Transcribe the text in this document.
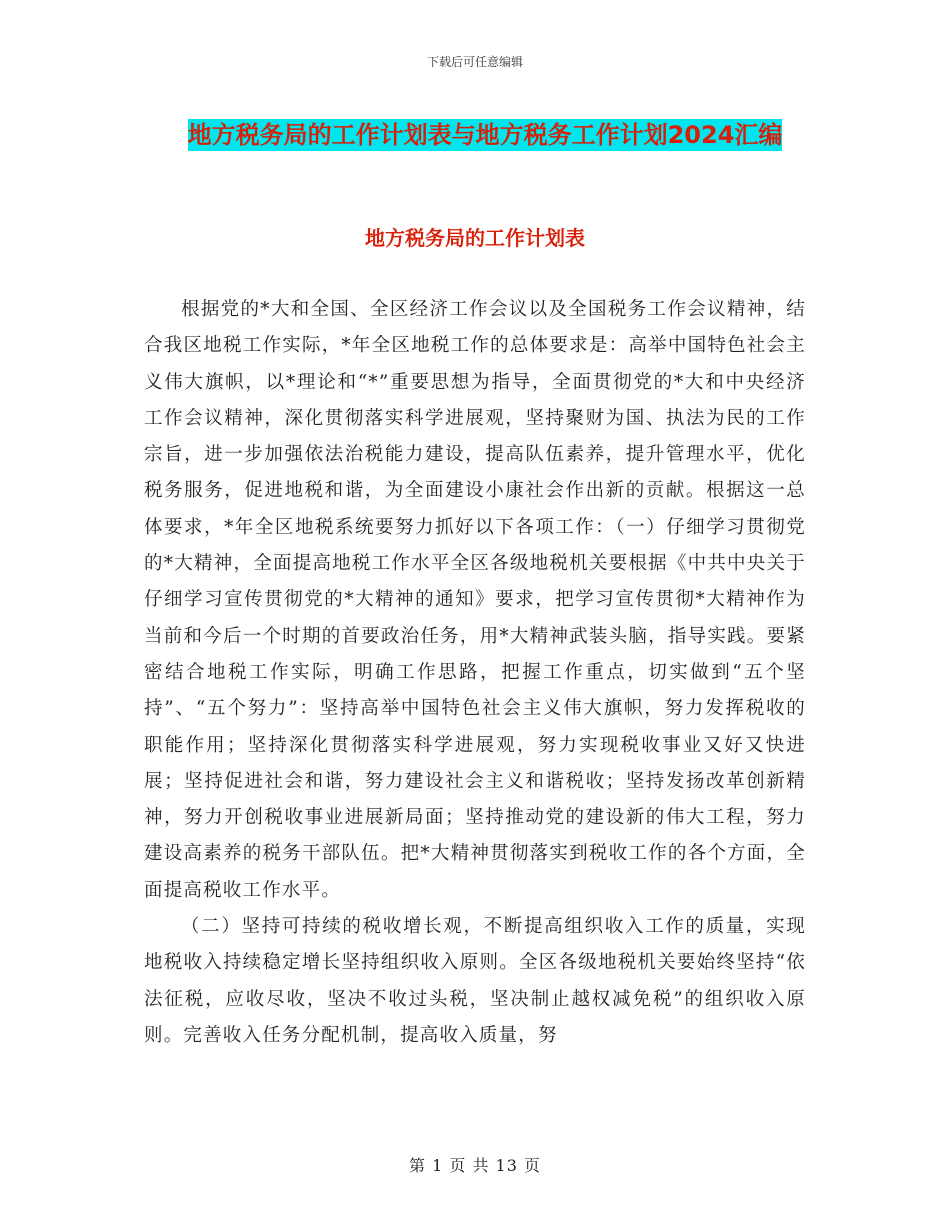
下载后可任意编辑
地方税务局的工作计划表与地方税务工作计划2024汇编
地方税务局的工作计划表

根据党的*大和全国、全区经济工作会议以及全国税务工作会议精神，结合我区地税工作实际，*年全区地税工作的总体要求是：高举中国特色社会主义伟大旗帜，以*理论和“*”重要思想为指导，全面贯彻党的*大和中央经济工作会议精神，深化贯彻落实科学进展观，坚持聚财为国、执法为民的工作宗旨，进一步加强依法治税能力建设，提高队伍素养，提升管理水平，优化税务服务，促进地税和谐，为全面建设小康社会作出新的贡献。根据这一总体要求，*年全区地税系统要努力抓好以下各项工作：（一）仔细学习贯彻党的*大精神，全面提高地税工作水平全区各级地税机关要根据《中共中央关于仔细学习宣传贯彻党的*大精神的通知》要求，把学习宣传贯彻*大精神作为当前和今后一个时期的首要政治任务，用*大精神武装头脑，指导实践。要紧密结合地税工作实际，明确工作思路，把握工作重点，切实做到“五个坚持”、“五个努力”：坚持高举中国特色社会主义伟大旗帜，努力发挥税收的职能作用；坚持深化贯彻落实科学进展观，努力实现税收事业又好又快进展；坚持促进社会和谐，努力建设社会主义和谐税收；坚持发扬改革创新精神，努力开创税收事业进展新局面；坚持推动党的建设新的伟大工程，努力建设高素养的税务干部队伍。把*大精神贯彻落实到税收工作的各个方面，全面提高税收工作水平。

（二）坚持可持续的税收增长观，不断提高组织收入工作的质量，实现地税收入持续稳定增长坚持组织收入原则。全区各级地税机关要始终坚持“依法征税，应收尽收，坚决不收过头税，坚决制止越权减免税”的组织收入原则。完善收入任务分配机制，提高收入质量，努

第 1 页 共 13 页
